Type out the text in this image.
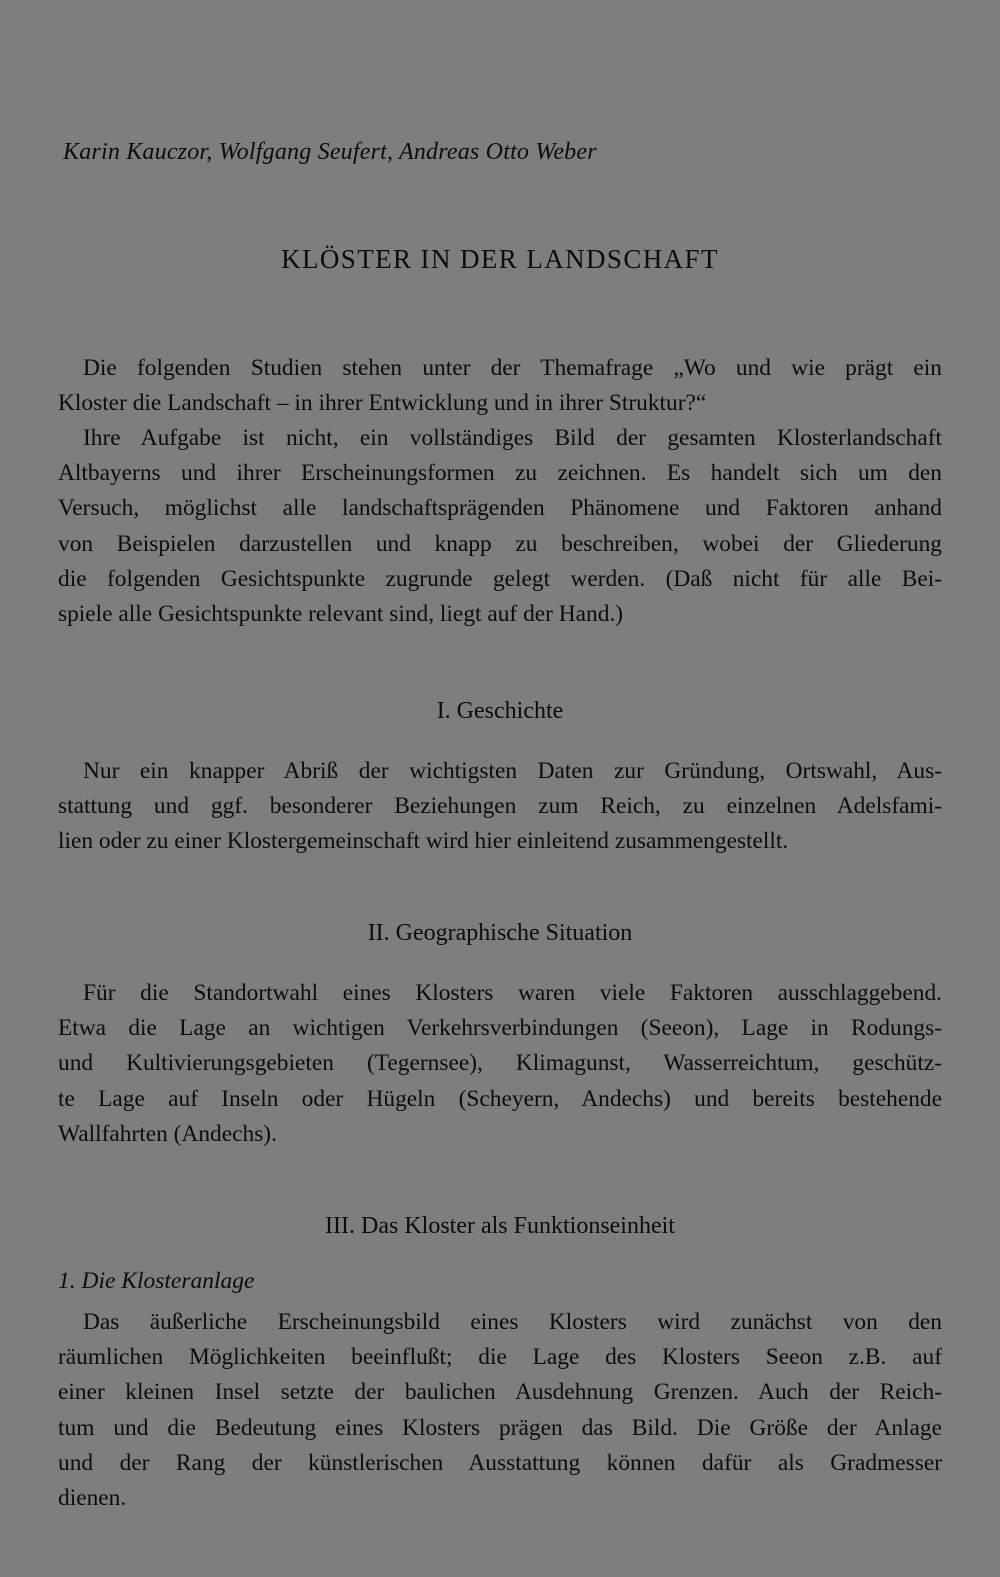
Karin Kauczor, Wolfgang Seufert, Andreas Otto Weber
KLÖSTER IN DER LANDSCHAFT
Die folgenden Studien stehen unter der Themafrage „Wo und wie prägt ein
Kloster die Landschaft – in ihrer Entwicklung und in ihrer Struktur?“
Ihre Aufgabe ist nicht, ein vollständiges Bild der gesamten Klosterlandschaft
Altbayerns und ihrer Erscheinungsformen zu zeichnen. Es handelt sich um den
Versuch, möglichst alle landschaftsprägenden Phänomene und Faktoren anhand
von Beispielen darzustellen und knapp zu beschreiben, wobei der Gliederung
die folgenden Gesichtspunkte zugrunde gelegt werden. (Daß nicht für alle Bei-
spiele alle Gesichtspunkte relevant sind, liegt auf der Hand.)
I. Geschichte
Nur ein knapper Abriß der wichtigsten Daten zur Gründung, Ortswahl, Aus-
stattung und ggf. besonderer Beziehungen zum Reich, zu einzelnen Adelsfami-
lien oder zu einer Klostergemeinschaft wird hier einleitend zusammengestellt.
II. Geographische Situation
Für die Standortwahl eines Klosters waren viele Faktoren ausschlaggebend.
Etwa die Lage an wichtigen Verkehrsverbindungen (Seeon), Lage in Rodungs-
und Kultivierungsgebieten (Tegernsee), Klimagunst, Wasserreichtum, geschütz-
te Lage auf Inseln oder Hügeln (Scheyern, Andechs) und bereits bestehende
Wallfahrten (Andechs).
III. Das Kloster als Funktionseinheit
1. Die Klosteranlage
Das äußerliche Erscheinungsbild eines Klosters wird zunächst von den
räumlichen Möglichkeiten beeinflußt; die Lage des Klosters Seeon z.B. auf
einer kleinen Insel setzte der baulichen Ausdehnung Grenzen. Auch der Reich-
tum und die Bedeutung eines Klosters prägen das Bild. Die Größe der Anlage
und der Rang der künstlerischen Ausstattung können dafür als Gradmesser
dienen.
